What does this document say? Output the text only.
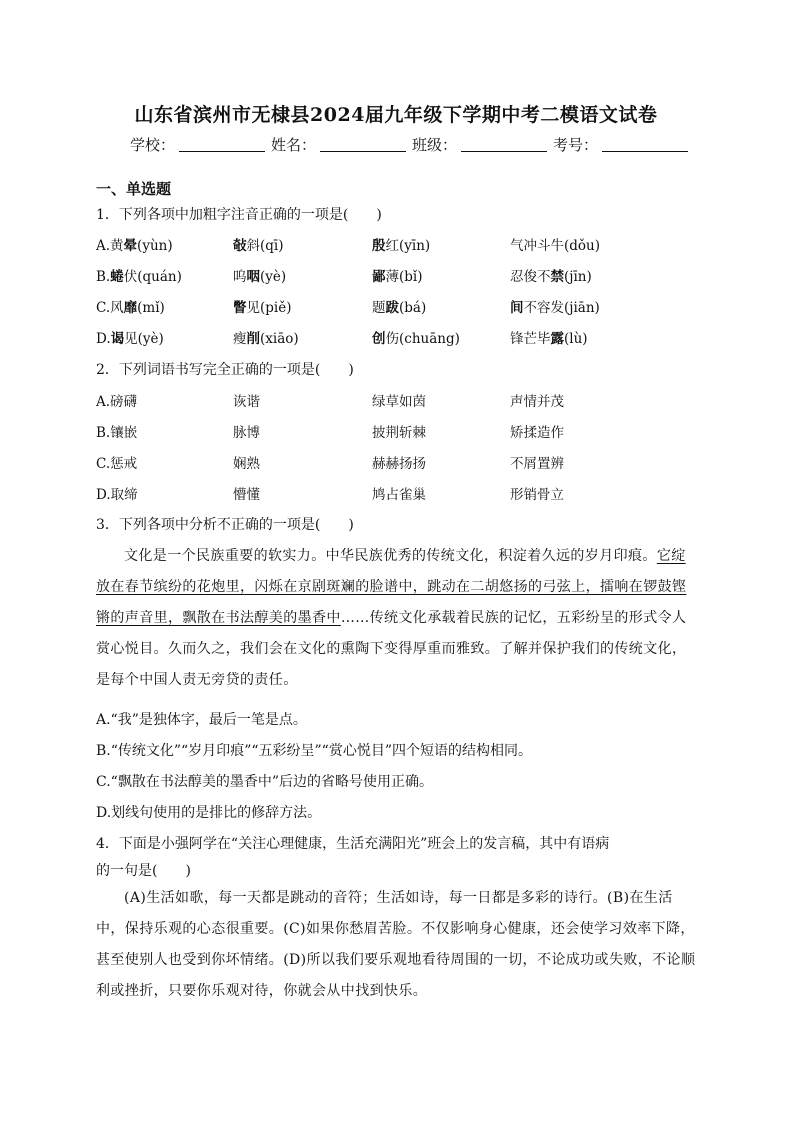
山东省滨州市无棣县2024届九年级下学期中考二模语文试卷
学校：	姓名：	班级：	考号：
一、单选题
1．下列各项中加粗字注音正确的一项是(　　)
A.黄晕(yùn)	敧斜(qī)	殷红(yīn)	气冲斗牛(dǒu)
B.蜷伏(quán)	呜咽(yè)	鄙薄(bǐ)	忍俊不禁(jīn)
C.风靡(mǐ)	瞥见(piě)	题跋(bá)	间不容发(jiān)
D.谒见(yè)	瘦削(xiāo)	创伤(chuāng)	锋芒毕露(lù)
2．下列词语书写完全正确的一项是(　　)
A.磅礴	诙谐	绿草如茵	声情并茂
B.镶嵌	脉博	披荆斩棘	矫揉造作
C.惩戒	娴熟	赫赫扬扬	不屑置辨
D.取缔	懵懂	鸠占雀巢	形销骨立
3．下列各项中分析不正确的一项是(　　)
文化是一个民族重要的软实力。中华民族优秀的传统文化，积淀着久远的岁月印痕。它绽放在春节缤纷的花炮里，闪烁在京剧斑斓的脸谱中，跳动在二胡悠扬的弓弦上，擂响在锣鼓铿锵的声音里，飘散在书法醇美的墨香中……传统文化承载着民族的记忆，五彩纷呈的形式令人赏心悦目。久而久之，我们会在文化的熏陶下变得厚重而雅致。了解并保护我们的传统文化，是每个中国人责无旁贷的责任。
A.“我”是独体字，最后一笔是点。
B.“传统文化”“岁月印痕”“五彩纷呈”“赏心悦目”四个短语的结构相同。
C.“飘散在书法醇美的墨香中”后边的省略号使用正确。
D.划线句使用的是排比的修辞方法。
4．下面是小强阿学在“关注心理健康，生活充满阳光”班会上的发言稿，其中有语病
的一句是(　　)
(A)生活如歌，每一天都是跳动的音符；生活如诗，每一日都是多彩的诗行。(B)在生活中，保持乐观的心态很重要。(C)如果你愁眉苦脸。不仅影响身心健康，还会使学习效率下降，甚至使别人也受到你坏情绪。(D)所以我们要乐观地看待周围的一切，不论成功或失败，不论顺利或挫折，只要你乐观对待，你就会从中找到快乐。
